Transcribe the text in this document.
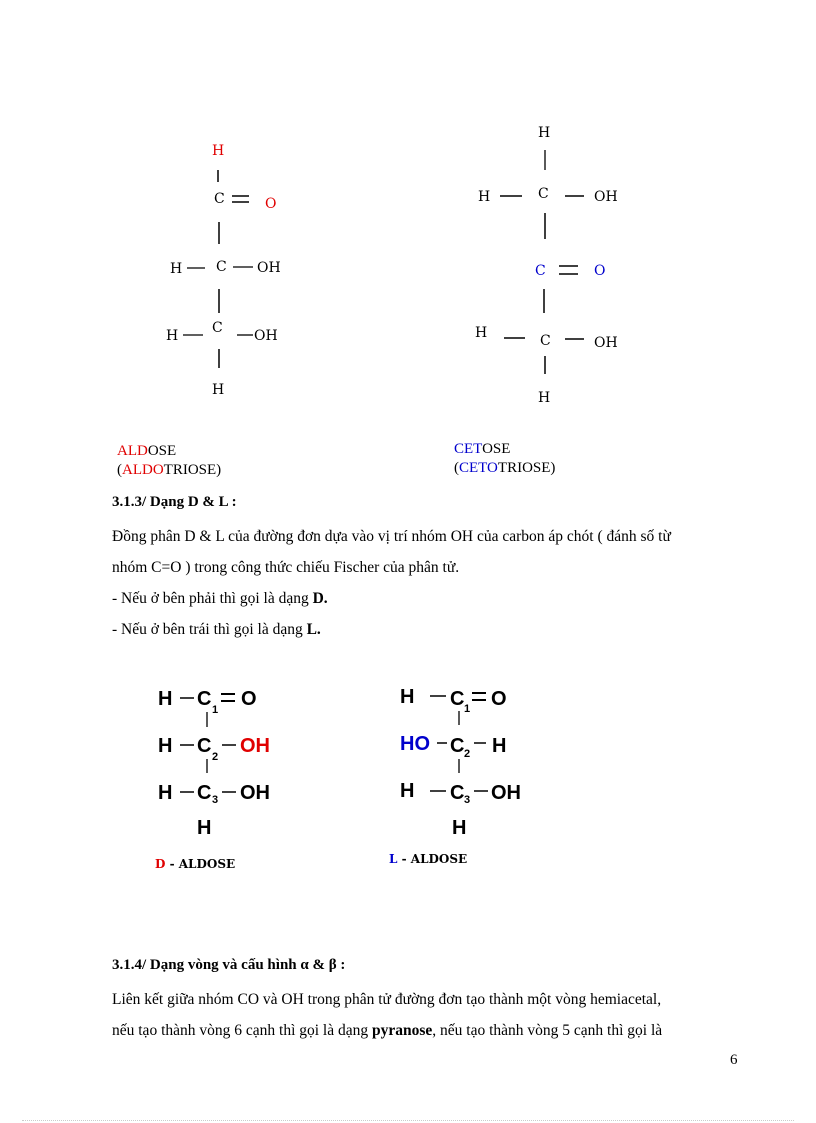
H
C	O
H C OH
H C OH
H
H
H	C	OH
C	O
H	C	OH
H
H C 1 O
H C 2 OH
H C 3 OH
H
H C 1 O
HO C 2 H
H C 3 OH
H
ALDOSE
(ALDOTRIOSE)
CETOSE
(CETOTRIOSE)
3.1.3/ Dạng D & L :
Đồng phân D & L của đường đơn dựa vào vị trí nhóm OH của carbon áp chót ( đánh số từ
nhóm C=O ) trong công thức chiếu Fischer của phân tử.
- Nếu ở bên phải thì gọi là dạng D.
- Nếu ở bên trái thì gọi là dạng L.
D - ALDOSE	L - ALDOSE
3.1.4/ Dạng vòng và cấu hình α & β :
Liên kết giữa nhóm CO và OH trong phân tử đường đơn tạo thành một vòng hemiacetal,
nếu tạo thành vòng 6 cạnh thì gọi là dạng pyranose, nếu tạo thành vòng 5 cạnh thì gọi là
6
